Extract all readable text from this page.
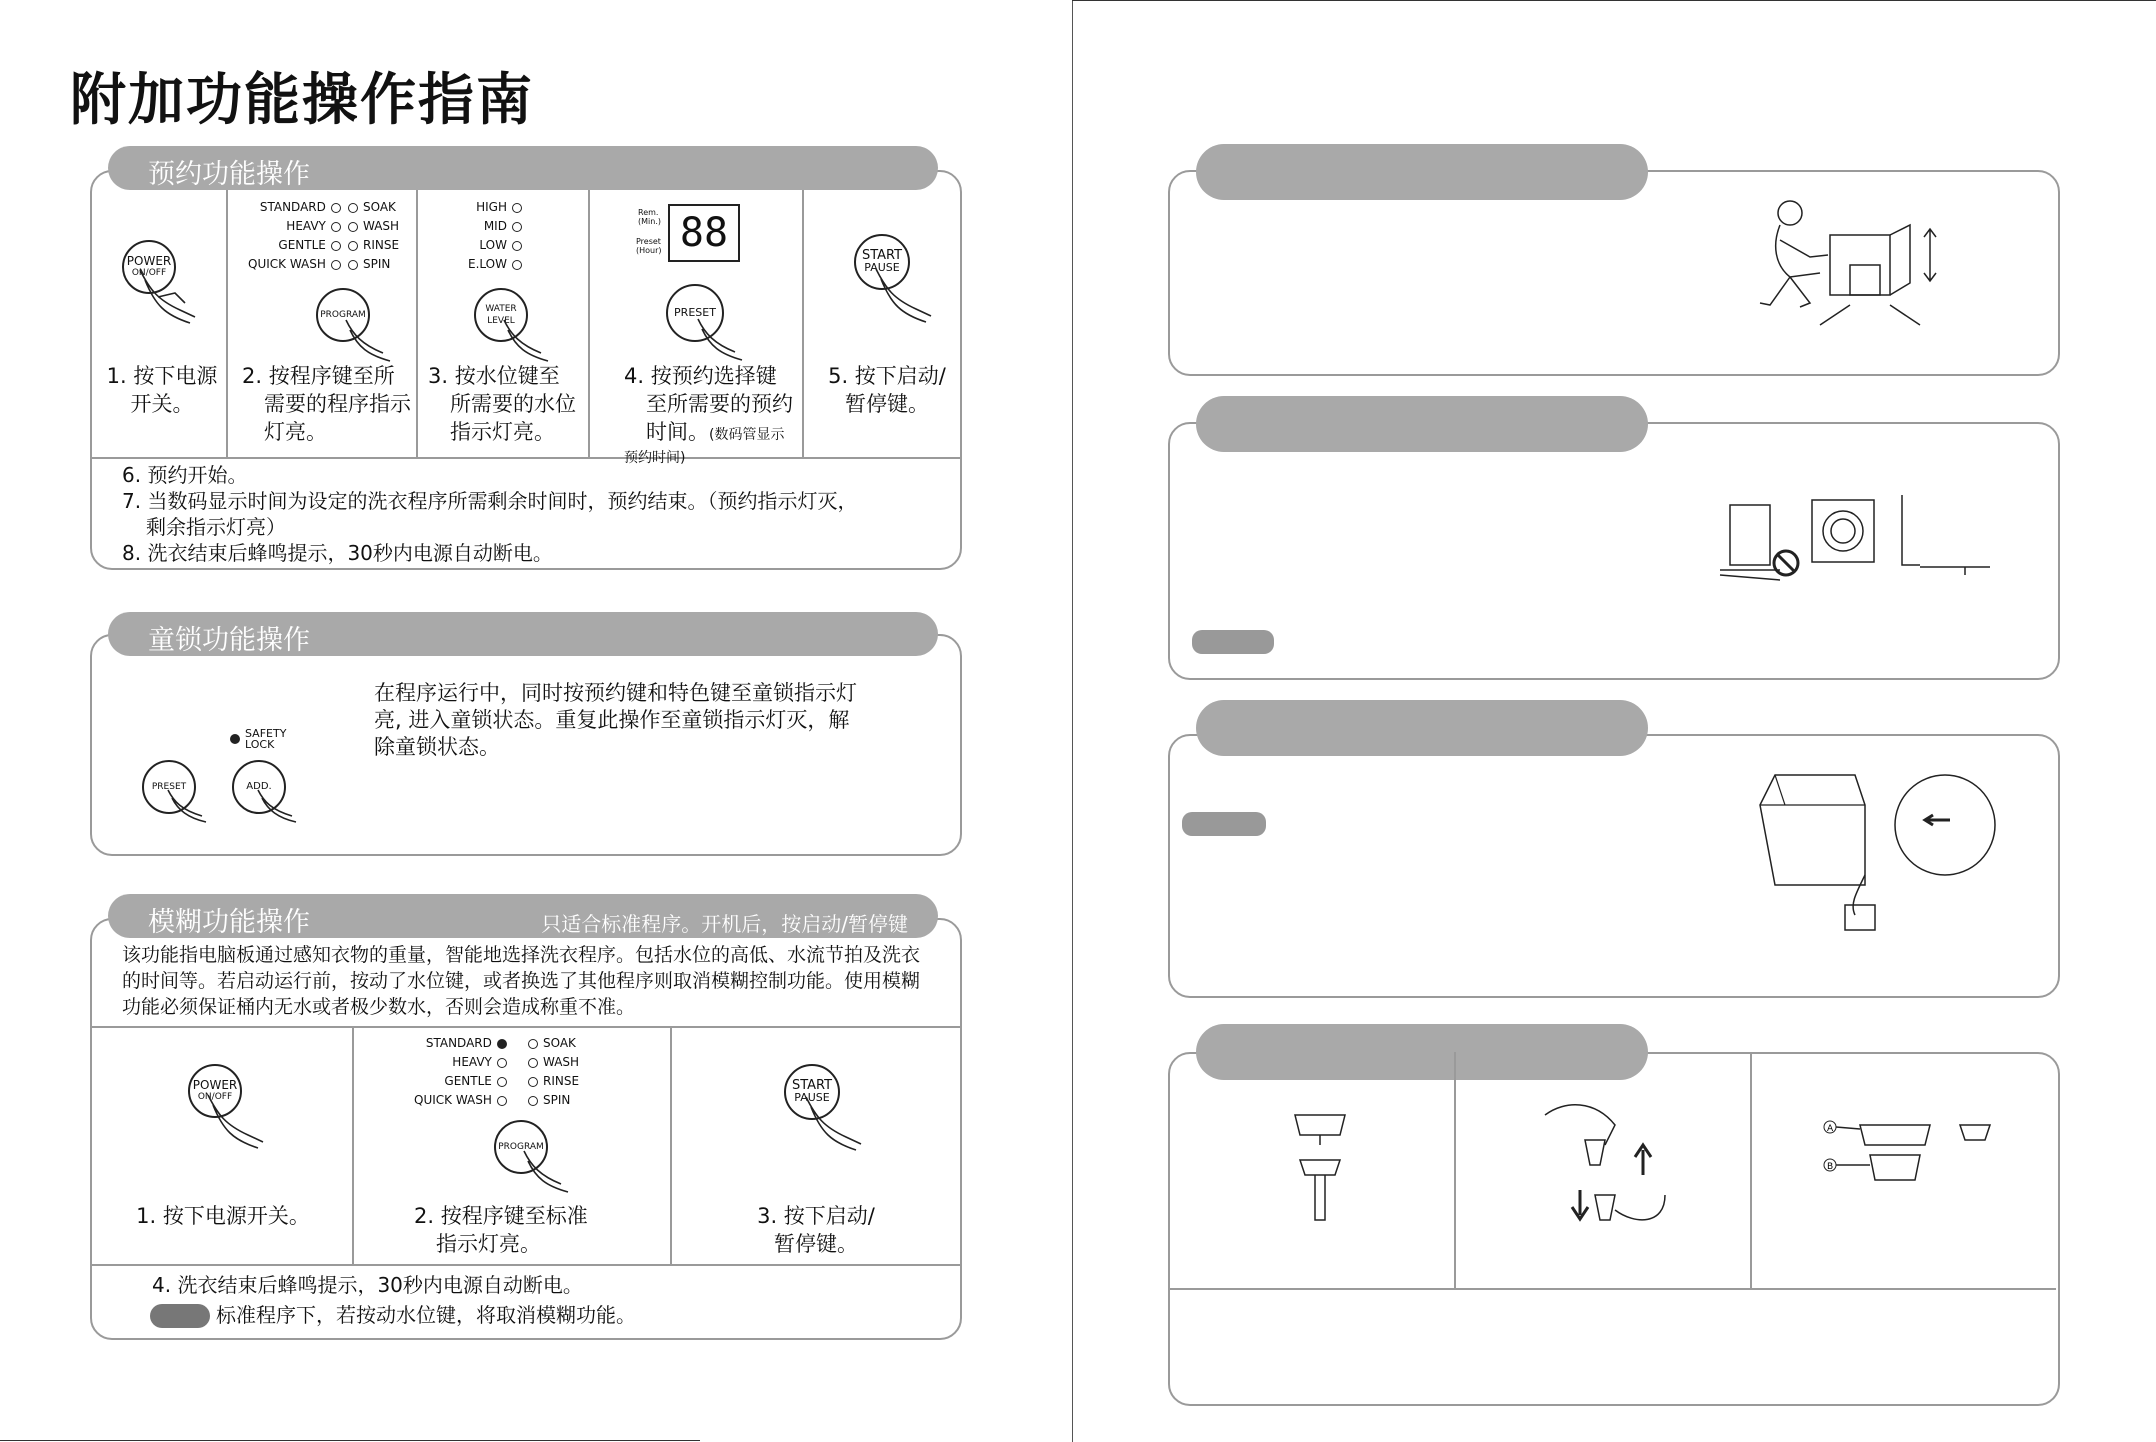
附加功能操作指南
POWER
ON/OFF
1. 按下电源
开关。
STANDARD
HEAVY
GENTLE
QUICK WASH
SOAK
WASH
RINSE
SPIN
PROGRAM
2. 按程序键至所
需要的程序指示
灯亮。
HIGH
MID
LOW
E.LOW
WATER
LEVEL
3. 按水位键至
所需要的水位
指示灯亮。
Rem.
(Min.)
Preset
(Hour) 88
PRESET
4. 按预约选择键
至所需要的预约
时间。(数码管显示
预约时间)
START
PAUSE
5. 按下启动/
暂停键。
6. 预约开始。
7. 当数码显示时间为设定的洗衣程序所需剩余时间时，预约结束。（预约指示灯灭，
剩余指示灯亮）
8. 洗衣结束后蜂鸣提示，30秒内电源自动断电。
预约功能操作
SAFETY
LOCK
PRESET	ADD.
在程序运行中，同时按预约键和特色键至童锁指示灯
亮, 进入童锁状态。重复此操作至童锁指示灯灭，解
除童锁状态。
童锁功能操作
该功能指电脑板通过感知衣物的重量，智能地选择洗衣程序。包括水位的高低、水流节拍及洗衣
的时间等。若启动运行前，按动了水位键，或者换选了其他程序则取消模糊控制功能。使用模糊
功能必须保证桶内无水或者极少数水，否则会造成称重不准。
POWER
ON/OFF
1. 按下电源开关。
STANDARD
HEAVY
GENTLE
QUICK WASH
SOAK
WASH
RINSE
SPIN
PROGRAM
2. 按程序键至标准
指示灯亮。
START
PAUSE
3. 按下启动/
暂停键。
4. 洗衣结束后蜂鸣提示，30秒内电源自动断电。
标准程序下，若按动水位键，将取消模糊功能。
模糊功能操作	只适合标准程序。开机后，按启动/暂停键
A
B
